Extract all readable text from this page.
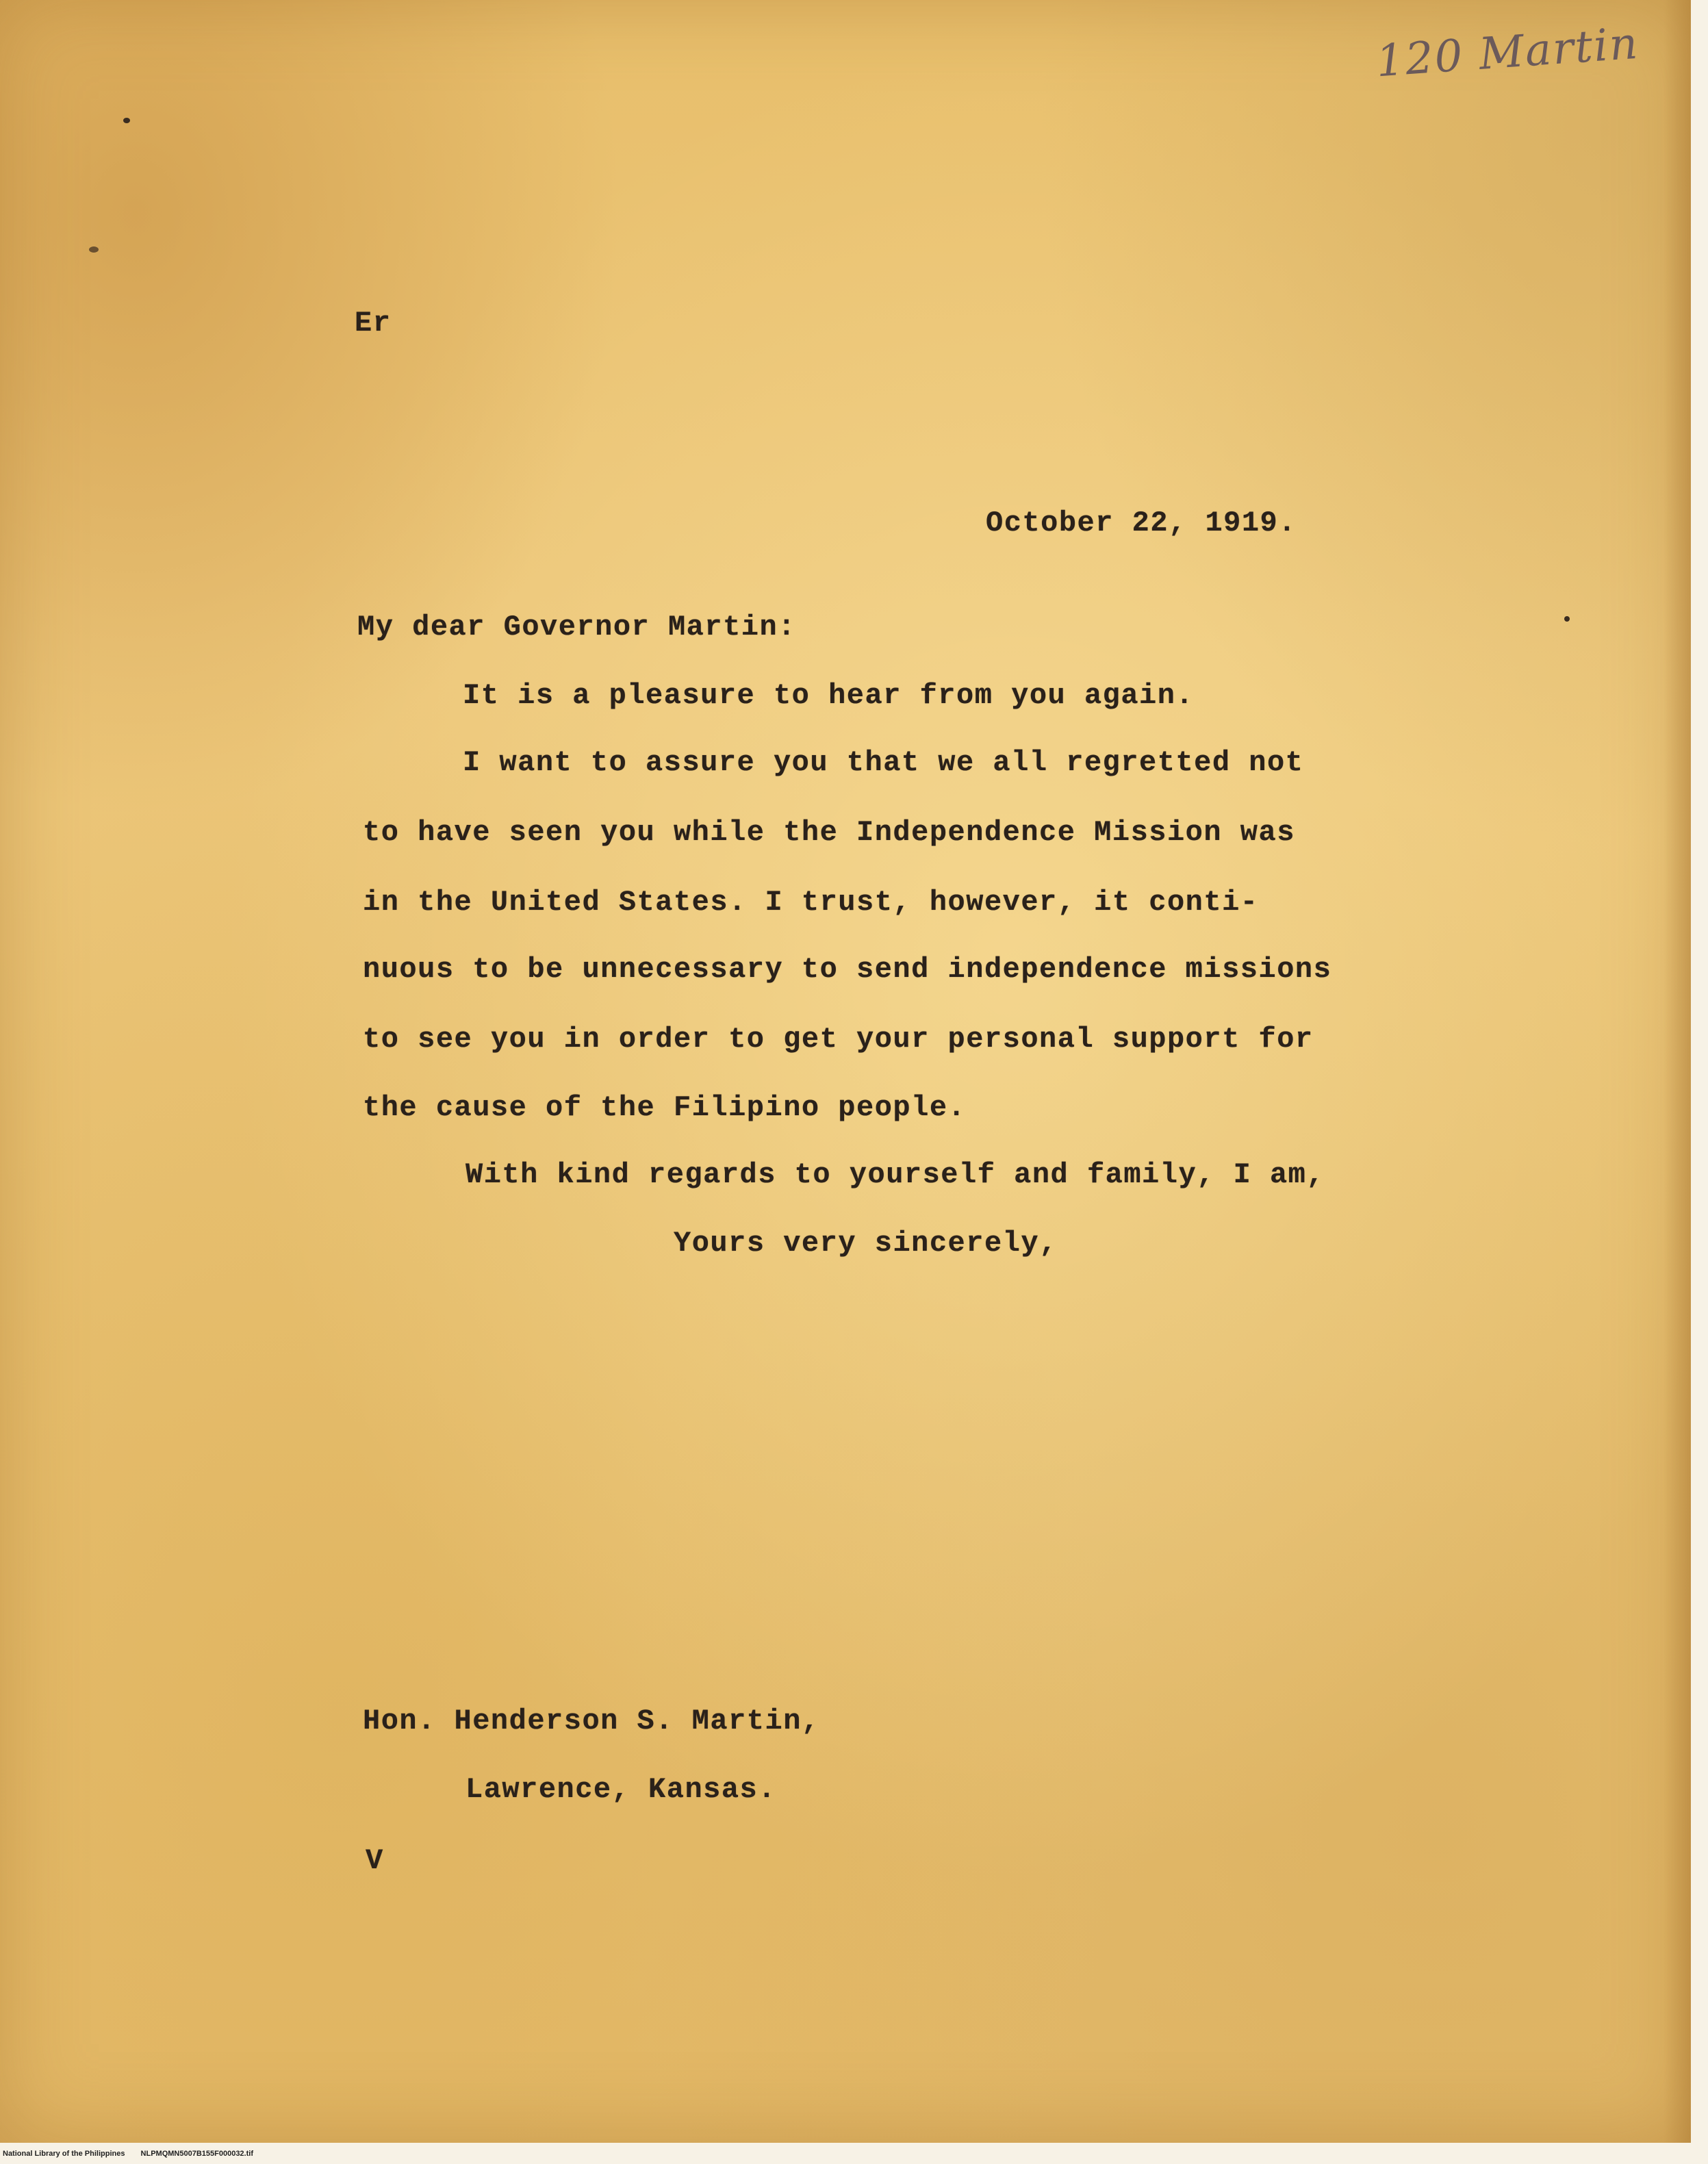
120 Martin
Er
October 22, 1919.
My dear Governor Martin:
It is a pleasure to hear from you again.
I want to assure you that we all regretted not
to have seen you while the Independence Mission was
in the United States. I trust, however, it conti-
nuous to be unnecessary to send independence missions
to see you in order to get your personal support for
the cause of the Filipino people.
With kind regards to yourself and family, I am,
Yours very sincerely,
Hon. Henderson S. Martin,
Lawrence, Kansas.
V
National Library of the Philippines NLPMQMN5007B155F000032.tif
